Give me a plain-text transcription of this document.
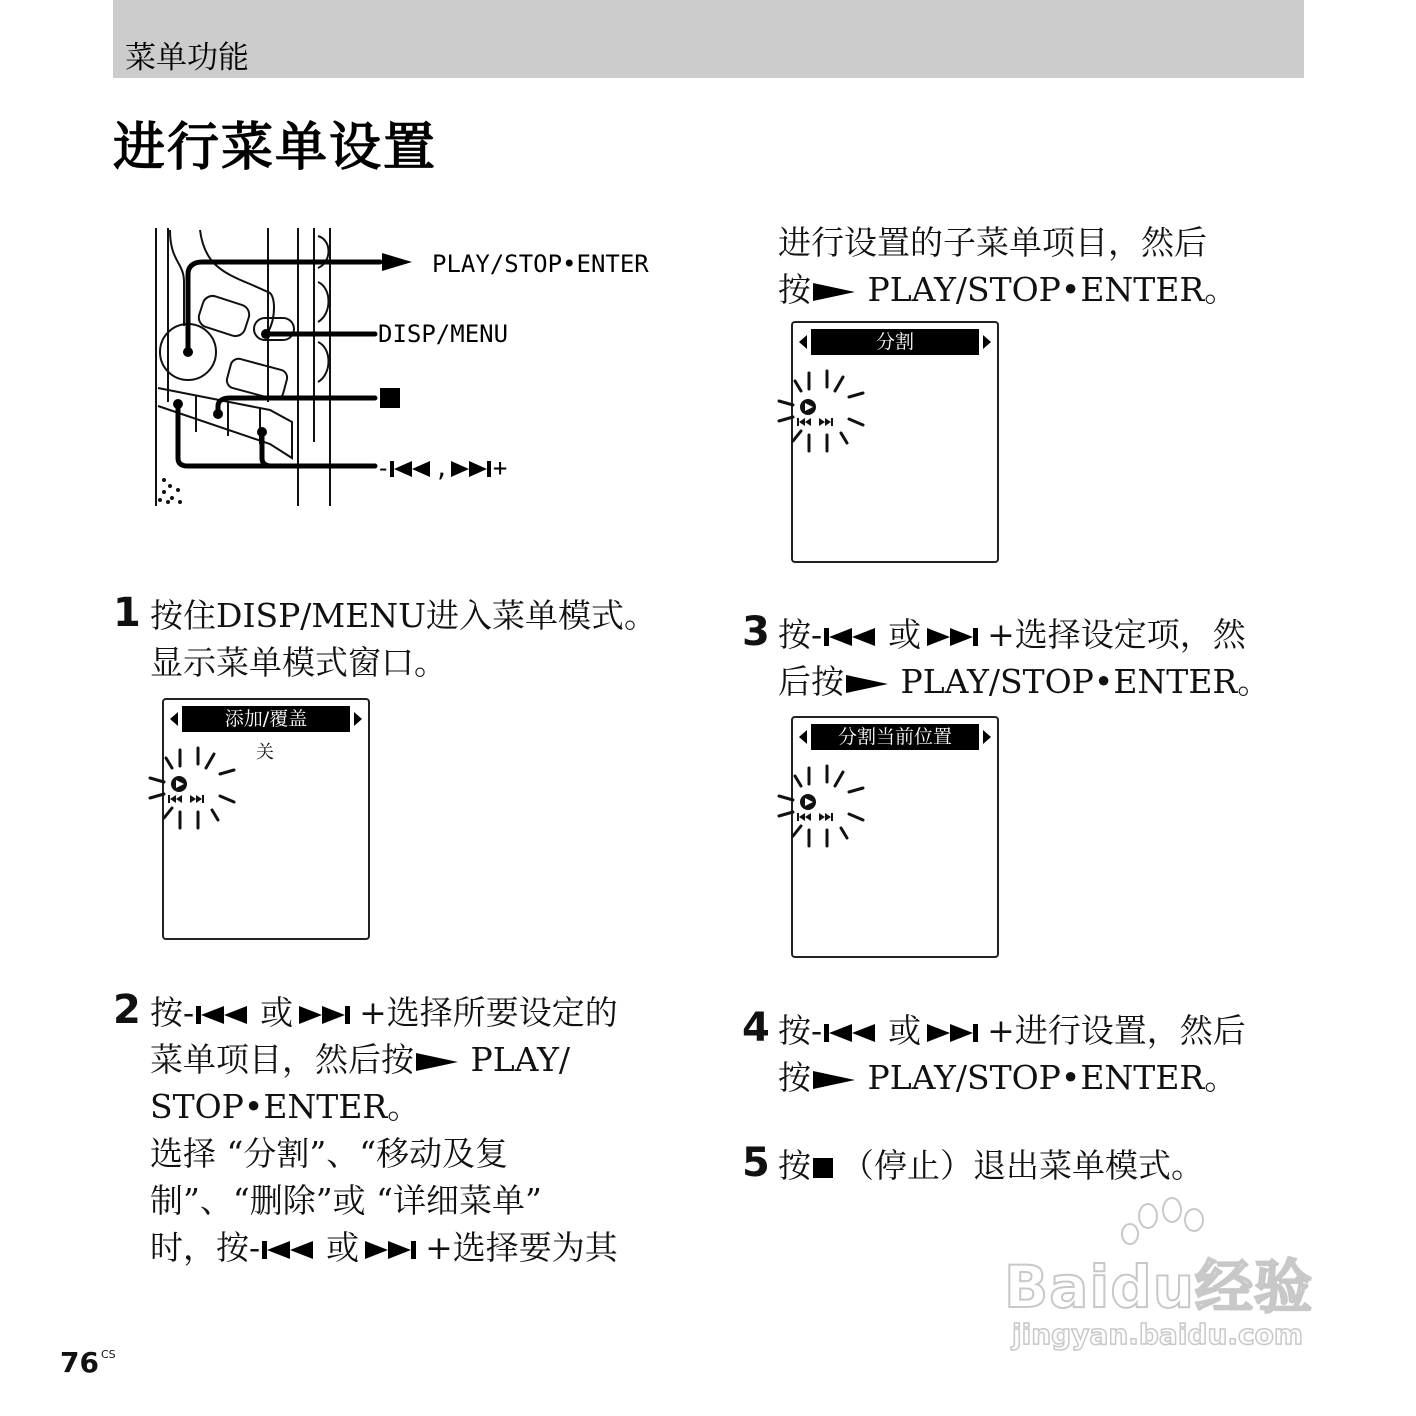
菜单功能
进行菜单设置
PLAY/STOP•ENTER
DISP/MENU
- , +
1 按住DISP/MENU进入菜单模式。
显示菜单模式窗口。
添加/覆盖
关
2 按- 或 +选择所要设定的
菜单项目，然后按 PLAY/
STOP•ENTER。
选择 “分割”、“移动及复
制”、“删除”或 “详细菜单”
时，按- 或 +选择要为其
进行设置的子菜单项目，然后
按 PLAY/STOP•ENTER。
分割
3 按- 或 +选择设定项，然
后按 PLAY/STOP•ENTER。
分割当前位置
4 按- 或 +进行设置，然后
按 PLAY/STOP•ENTER。
5 按 （停止）退出菜单模式。
76 $^{CS}$
Baidu经验
jingyan.baidu.com
